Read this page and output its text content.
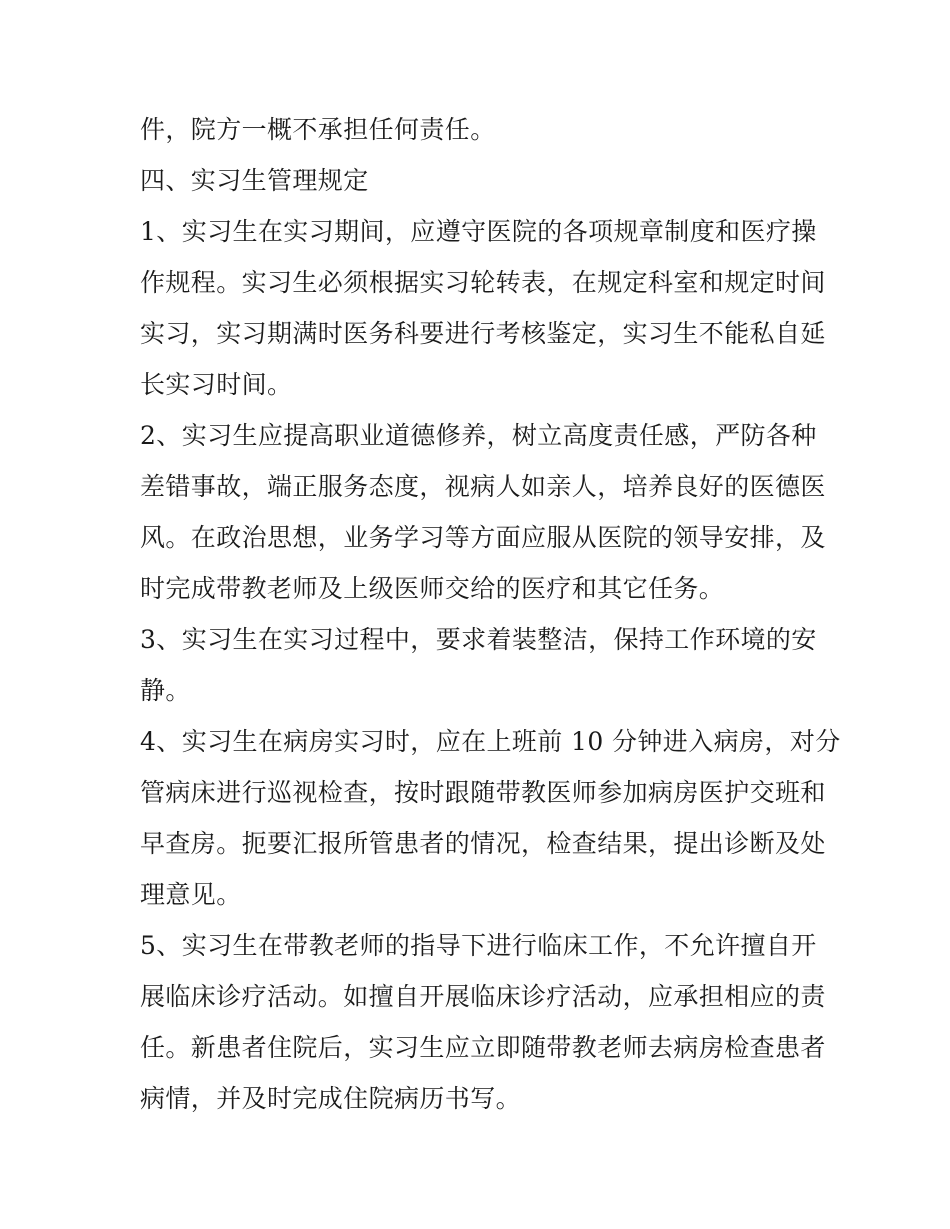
件，院方一概不承担任何责任。
四、实习生管理规定
1、实习生在实习期间，应遵守医院的各项规章制度和医疗操
作规程。实习生必须根据实习轮转表，在规定科室和规定时间
实习，实习期满时医务科要进行考核鉴定，实习生不能私自延
长实习时间。
2、实习生应提高职业道德修养，树立高度责任感，严防各种
差错事故，端正服务态度，视病人如亲人，培养良好的医德医
风。在政治思想，业务学习等方面应服从医院的领导安排，及
时完成带教老师及上级医师交给的医疗和其它任务。
3、实习生在实习过程中，要求着装整洁，保持工作环境的安
静。
4、实习生在病房实习时，应在上班前 10 分钟进入病房，对分
管病床进行巡视检查，按时跟随带教医师参加病房医护交班和
早查房。扼要汇报所管患者的情况，检查结果，提出诊断及处
理意见。
5、实习生在带教老师的指导下进行临床工作，不允许擅自开
展临床诊疗活动。如擅自开展临床诊疗活动，应承担相应的责
任。新患者住院后，实习生应立即随带教老师去病房检查患者
病情，并及时完成住院病历书写。
